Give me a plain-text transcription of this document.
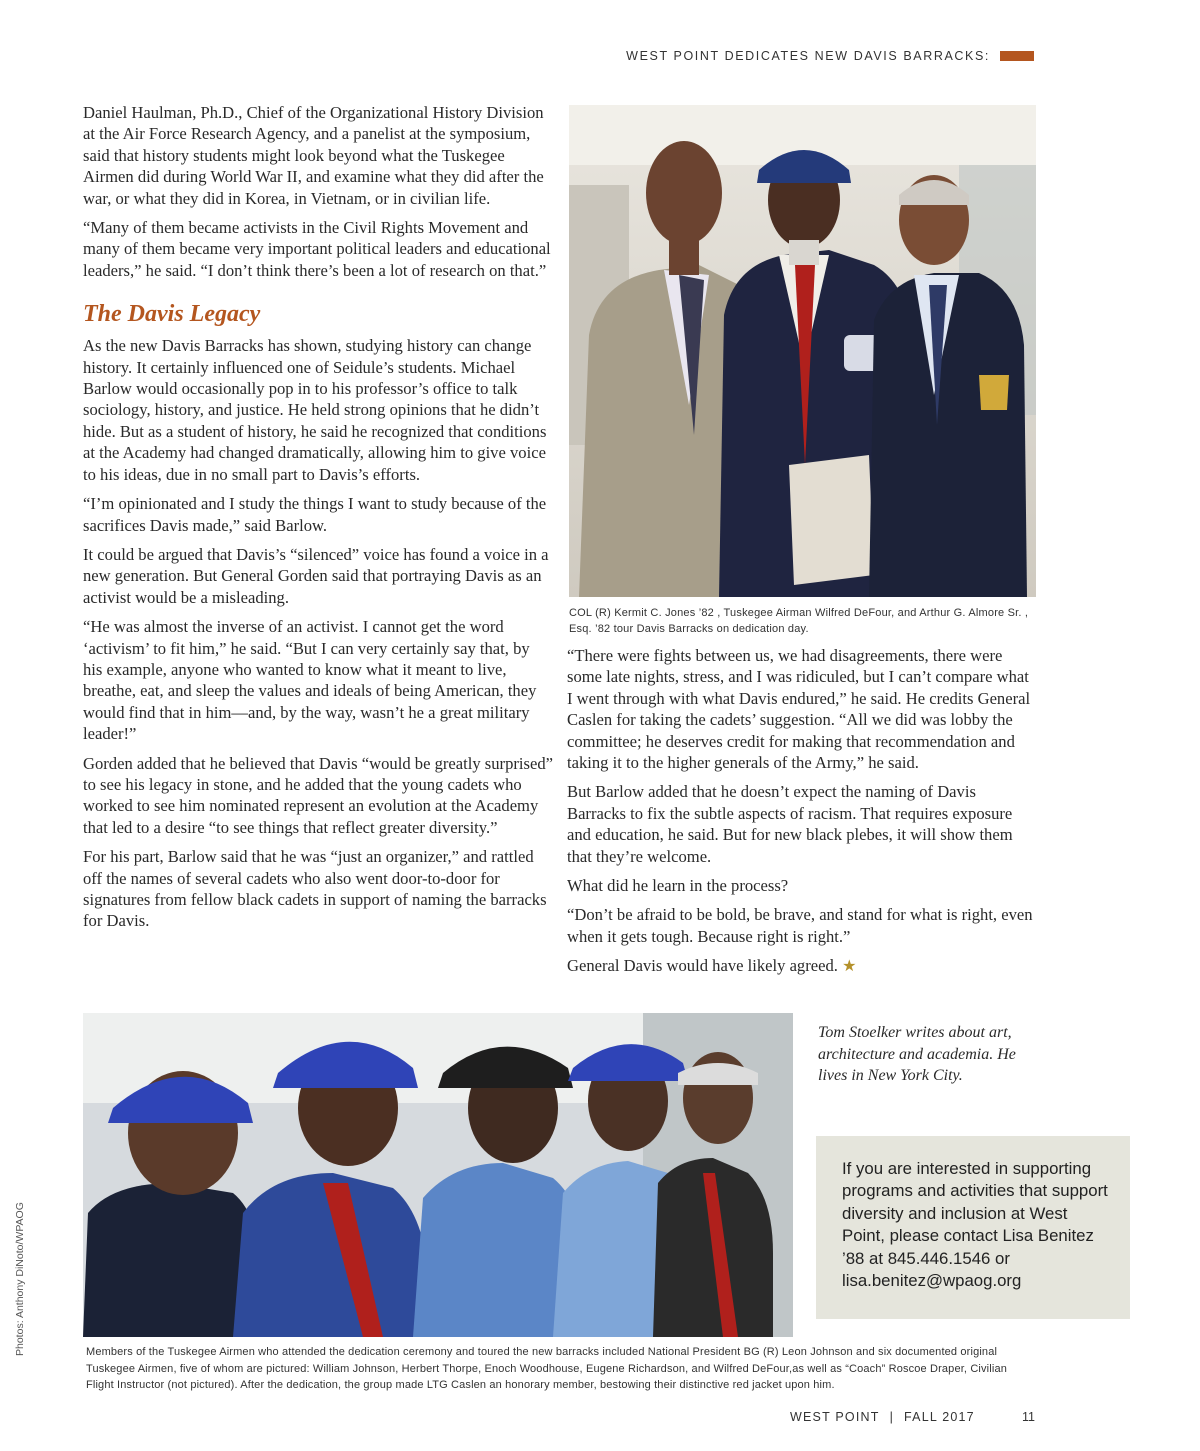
WEST POINT DEDICATES NEW DAVIS BARRACKS:

Daniel Haulman, Ph.D., Chief of the Organizational History Division at the Air Force Research Agency, and a panelist at the symposium, said that history students might look beyond what the Tuskegee Airmen did during World War II, and examine what they did after the war, or what they did in Korea, in Vietnam, or in civilian life.

“Many of them became activists in the Civil Rights Movement and many of them became very important political leaders and educational leaders,” he said. “I don’t think there’s been a lot of research on that.”

The Davis Legacy

As the new Davis Barracks has shown, studying history can change history. It certainly influenced one of Seidule’s students. Michael Barlow would occasionally pop in to his professor’s office to talk sociology, history, and justice. He held strong opinions that he didn’t hide. But as a student of history, he said he recognized that conditions at the Academy had changed dramatically, allowing him to give voice to his ideas, due in no small part to Davis’s efforts.

“I’m opinionated and I study the things I want to study because of the sacrifices Davis made,” said Barlow.

It could be argued that Davis’s “silenced” voice has found a voice in a new generation. But General Gorden said that portraying Davis as an activist would be a misleading.

“He was almost the inverse of an activist. I cannot get the word ‘activism’ to fit him,” he said. “But I can very certainly say that, by his example, anyone who wanted to know what it meant to live, breathe, eat, and sleep the values and ideals of being American, they would find that in him—and, by the way, wasn’t he a great military leader!”

Gorden added that he believed that Davis “would be greatly surprised” to see his legacy in stone, and he added that the young cadets who worked to see him nominated represent an evolution at the Academy that led to a desire “to see things that reflect greater diversity.”

For his part, Barlow said that he was “just an organizer,” and rattled off the names of several cadets who also went door-to-door for signatures from fellow black cadets in support of naming the barracks for Davis.

COL (R) Kermit C. Jones ’82 , Tuskegee Airman Wilfred DeFour, and Arthur G. Almore Sr. , Esq. ’82 tour Davis Barracks on dedication day.

“There were fights between us, we had disagreements, there were some late nights, stress, and I was ridiculed, but I can’t compare what I went through with what Davis endured,” he said. He credits General Caslen for taking the cadets’ suggestion. “All we did was lobby the committee; he deserves credit for making that recommendation and taking it to the higher generals of the Army,” he said.

But Barlow added that he doesn’t expect the naming of Davis Barracks to fix the subtle aspects of racism. That requires exposure and education, he said. But for new black plebes, it will show them that they’re welcome.

What did he learn in the process?

“Don’t be afraid to be bold, be brave, and stand for what is right, even when it gets tough. Because right is right.”

General Davis would have likely agreed. ★

Members of the Tuskegee Airmen who attended the dedication ceremony and toured the new barracks included National President BG (R) Leon Johnson and six documented original Tuskegee Airmen, five of whom are pictured: William Johnson, Herbert Thorpe, Enoch Woodhouse, Eugene Richardson, and Wilfred DeFour,as well as “Coach” Roscoe Draper, Civilian Flight Instructor (not pictured). After the dedication, the group made LTG Caslen an honorary member, bestowing their distinctive red jacket upon him.
Tom Stoelker writes about art, architecture and academia. He lives in New York City.
If you are interested in supporting programs and activities that support diversity and inclusion at West Point, please contact Lisa Benitez ’88 at 845.446.1546 or lisa.benitez@wpaog.org
Photos: Anthony DiNoto/WPAOG
WEST POINT | FALL 2017	11
